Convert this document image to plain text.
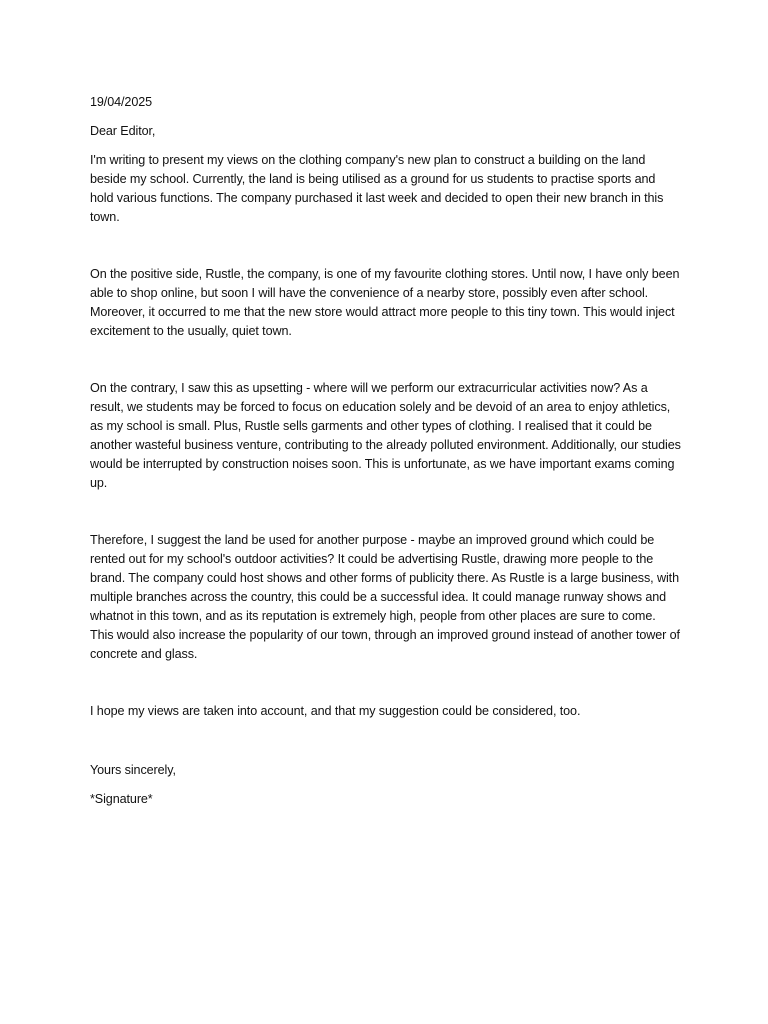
19/04/2025

Dear Editor,

I'm writing to present my views on the clothing company's new plan to construct a building on the land beside my school. Currently, the land is being utilised as a ground for us students to practise sports and hold various functions. The company purchased it last week and decided to open their new branch in this town.

On the positive side, Rustle, the company, is one of my favourite clothing stores. Until now, I have only been able to shop online, but soon I will have the convenience of a nearby store, possibly even after school. Moreover, it occurred to me that the new store would attract more people to this tiny town. This would inject excitement to the usually, quiet town.

On the contrary, I saw this as upsetting - where will we perform our extracurricular activities now? As a result, we students may be forced to focus on education solely and be devoid of an area to enjoy athletics, as my school is small. Plus, Rustle sells garments and other types of clothing. I realised that it could be another wasteful business venture, contributing to the already polluted environment. Additionally, our studies would be interrupted by construction noises soon. This is unfortunate, as we have important exams coming up.

Therefore, I suggest the land be used for another purpose - maybe an improved ground which could be rented out for my school's outdoor activities? It could be advertising Rustle, drawing more people to the brand. The company could host shows and other forms of publicity there. As Rustle is a large business, with multiple branches across the country, this could be a successful idea. It could manage runway shows and whatnot in this town, and as its reputation is extremely high, people from other places are sure to come. This would also increase the popularity of our town, through an improved ground instead of another tower of concrete and glass.

I hope my views are taken into account, and that my suggestion could be considered, too.

Yours sincerely,

*Signature*
